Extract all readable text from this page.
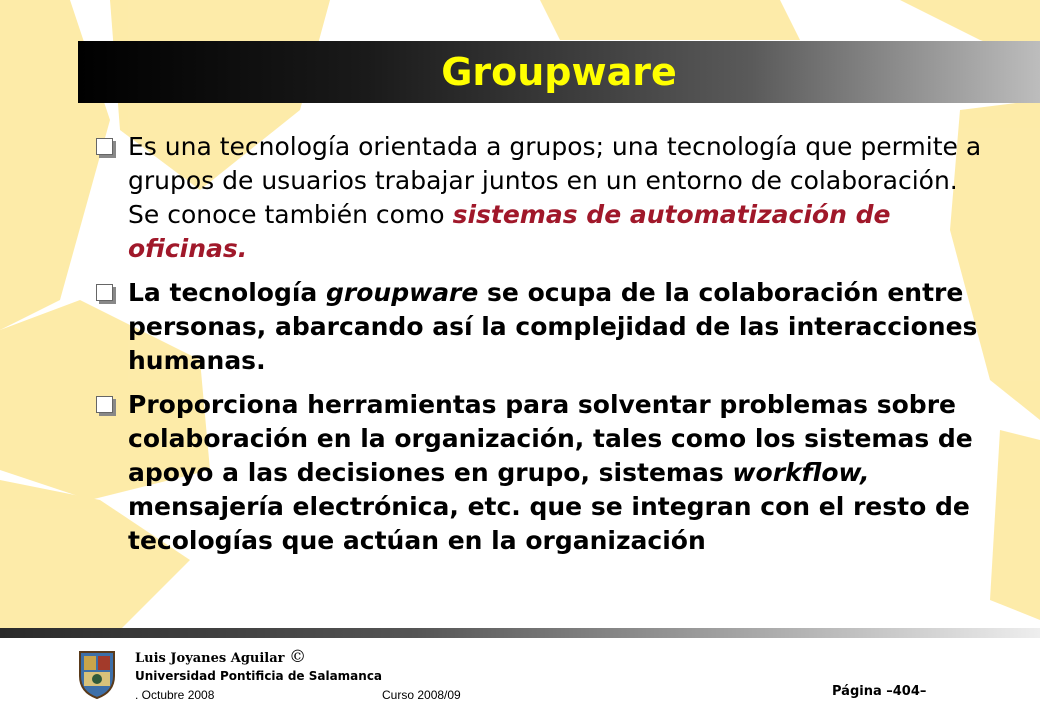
Groupware
Es una tecnología orientada a grupos; una tecnología que permite a grupos de usuarios trabajar juntos en un entorno de colaboración. Se conoce también como sistemas de automatización de oficinas.
La tecnología groupware se ocupa de la colaboración entre personas, abarcando así la complejidad de las interacciones humanas.
Proporciona herramientas para solventar problemas sobre colaboración en la organización, tales como los sistemas de apoyo a las decisiones en grupo, sistemas workflow, mensajería electrónica, etc. que se integran con el resto de tecologías que actúan en la organización
Luis Joyanes Aguilar ©
Universidad Pontificia de Salamanca
. Octubre 2008	Curso 2008/09	Página –404–
